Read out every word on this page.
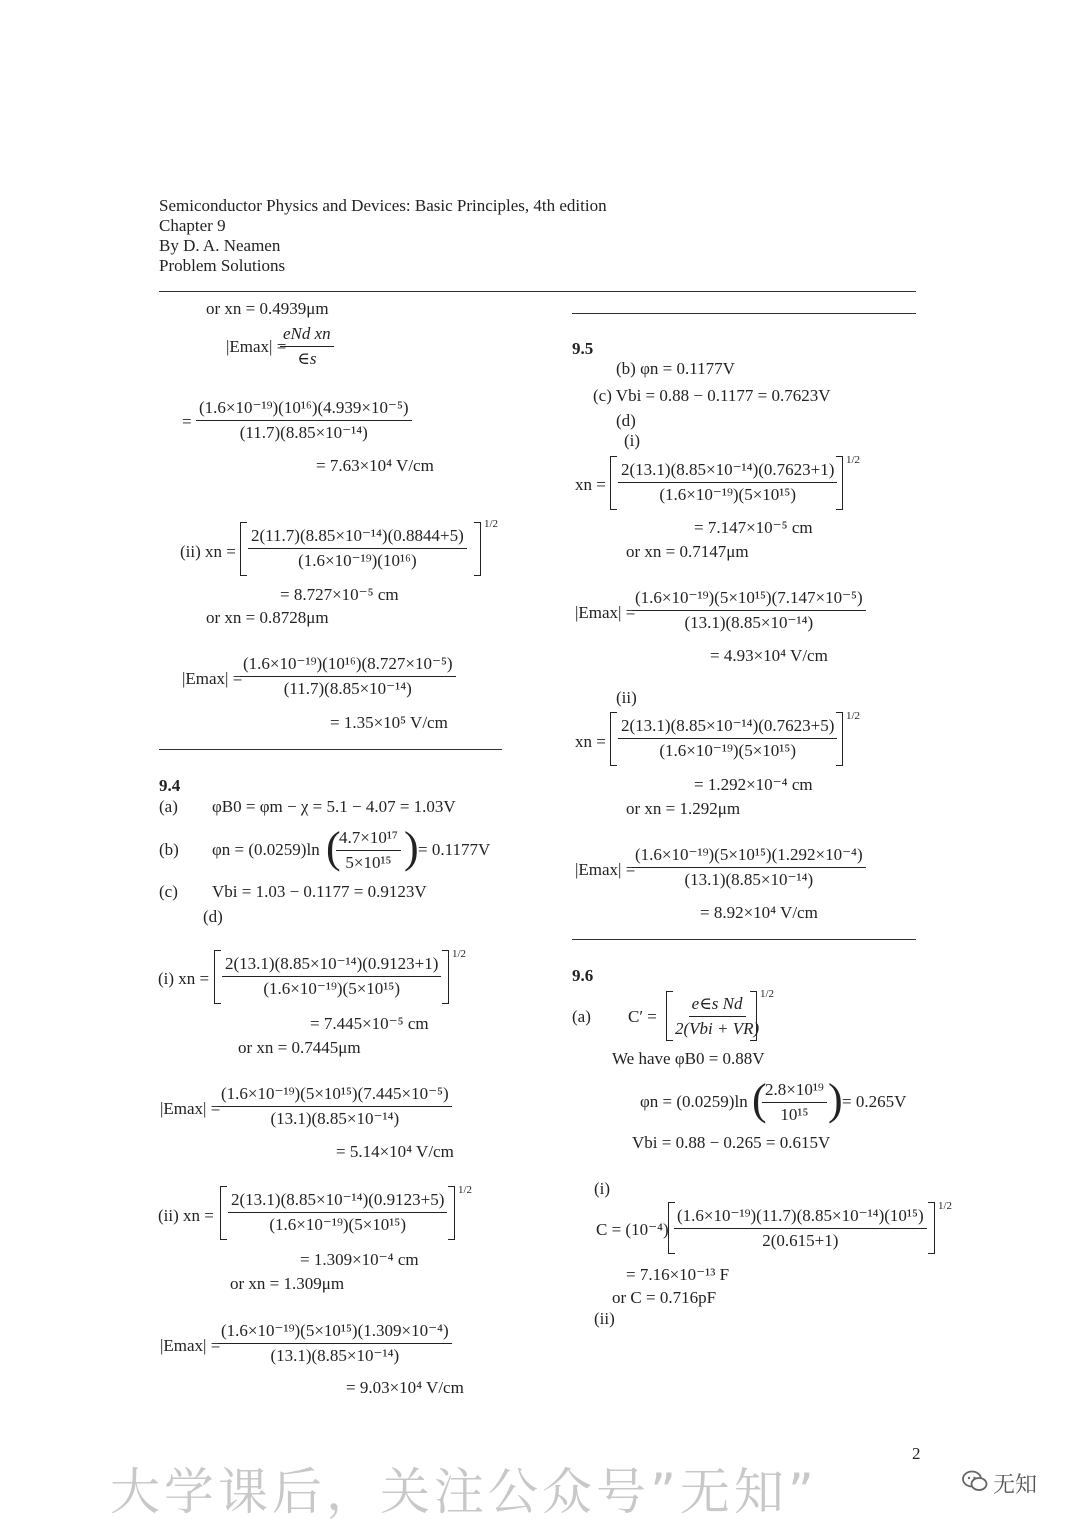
Semiconductor Physics and Devices: Basic Principles, 4th edition
Chapter 9
By D. A. Neamen
Problem Solutions
or xn = 0.4939μm
|Emax| =
eNd xn
∈s
= $\frac{\text{(1.6×10⁻¹⁹)(10¹⁶)(4.939×10⁻⁵)}}{\text{(11.7)(8.85×10⁻¹⁴)}}$
= 7.63×10⁴ V/cm
(ii) xn = $\frac{\text{2(11.7)(8.85×10⁻¹⁴)(0.8844+5)}}{\text{(1.6×10⁻¹⁹)(10¹⁶)}}$
1/2
= 8.727×10⁻⁵ cm
or xn = 0.8728μm
|Emax| =
$\frac{\text{(1.6×10⁻¹⁹)(10¹⁶)(8.727×10⁻⁵)}}{\text{(11.7)(8.85×10⁻¹⁴)}}$
= 1.35×10⁵ V/cm
9.4
(a) φB0 = φm − χ = 5.1 − 4.07 = 1.03V
(b) φn = (0.0259)ln (
$\frac{\text{4.7×10¹⁷}}{\text{5×10¹⁵}}$ ) = 0.1177V
(c) Vbi = 1.03 − 0.1177 = 0.9123V
(d)
(i) xn = $\frac{\text{2(13.1)(8.85×10⁻¹⁴)(0.9123+1)}}{\text{(1.6×10⁻¹⁹)(5×10¹⁵)}} 1/2$
= 7.445×10⁻⁵ cm
or xn = 0.7445μm
|Emax| =
$\frac{\text{(1.6×10⁻¹⁹)(5×10¹⁵)(7.445×10⁻⁵)}}{\text{(13.1)(8.85×10⁻¹⁴)}}$
= 5.14×10⁴ V/cm
(ii) xn = $\frac{\text{2(13.1)(8.85×10⁻¹⁴)(0.9123+5)}}{\text{(1.6×10⁻¹⁹)(5×10¹⁵)}} 1/2$
= 1.309×10⁻⁴ cm
or xn = 1.309μm
|Emax| =
$\frac{\text{(1.6×10⁻¹⁹)(5×10¹⁵)(1.309×10⁻⁴)}}{\text{(13.1)(8.85×10⁻¹⁴)}}$
= 9.03×10⁴ V/cm
9.5
(b) φn = 0.1177V
(c) Vbi = 0.88 − 0.1177 = 0.7623V
(d)
(i)
xn = $\frac{\text{2(13.1)(8.85×10⁻¹⁴)(0.7623+1)}}{\text{(1.6×10⁻¹⁹)(5×10¹⁵)}} 1/2$
= 7.147×10⁻⁵ cm
or xn = 0.7147μm
|Emax| =
$\frac{\text{(1.6×10⁻¹⁹)(5×10¹⁵)(7.147×10⁻⁵)}}{\text{(13.1)(8.85×10⁻¹⁴)}}$
= 4.93×10⁴ V/cm
(ii)
xn = $\frac{\text{2(13.1)(8.85×10⁻¹⁴)(0.7623+5)}}{\text{(1.6×10⁻¹⁹)(5×10¹⁵)}} 1/2$
= 1.292×10⁻⁴ cm
or xn = 1.292μm
|Emax| =
$\frac{\text{(1.6×10⁻¹⁹)(5×10¹⁵)(1.292×10⁻⁴)}}{\text{(13.1)(8.85×10⁻¹⁴)}}$
= 8.92×10⁴ V/cm
9.6
(a) C′ =
e∈s Nd
2(Vbi + VR)
1/2
We have φB0 = 0.88V
φn = (0.0259)ln (
$\frac{\text{2.8×10¹⁹}}{\text{10¹⁵}}$ ) = 0.265V
Vbi = 0.88 − 0.265 = 0.615V
(i)
$C = (10^{-4}) \frac{\text{(1.6×10⁻¹⁹)(11.7)(8.85×10⁻¹⁴)(10¹⁵)}}{2(0.615+1)} 1/2$
= 7.16×10⁻¹³ F
or C = 0.716pF
(ii)
2
大学课后，关注公众号”无知”	无知
